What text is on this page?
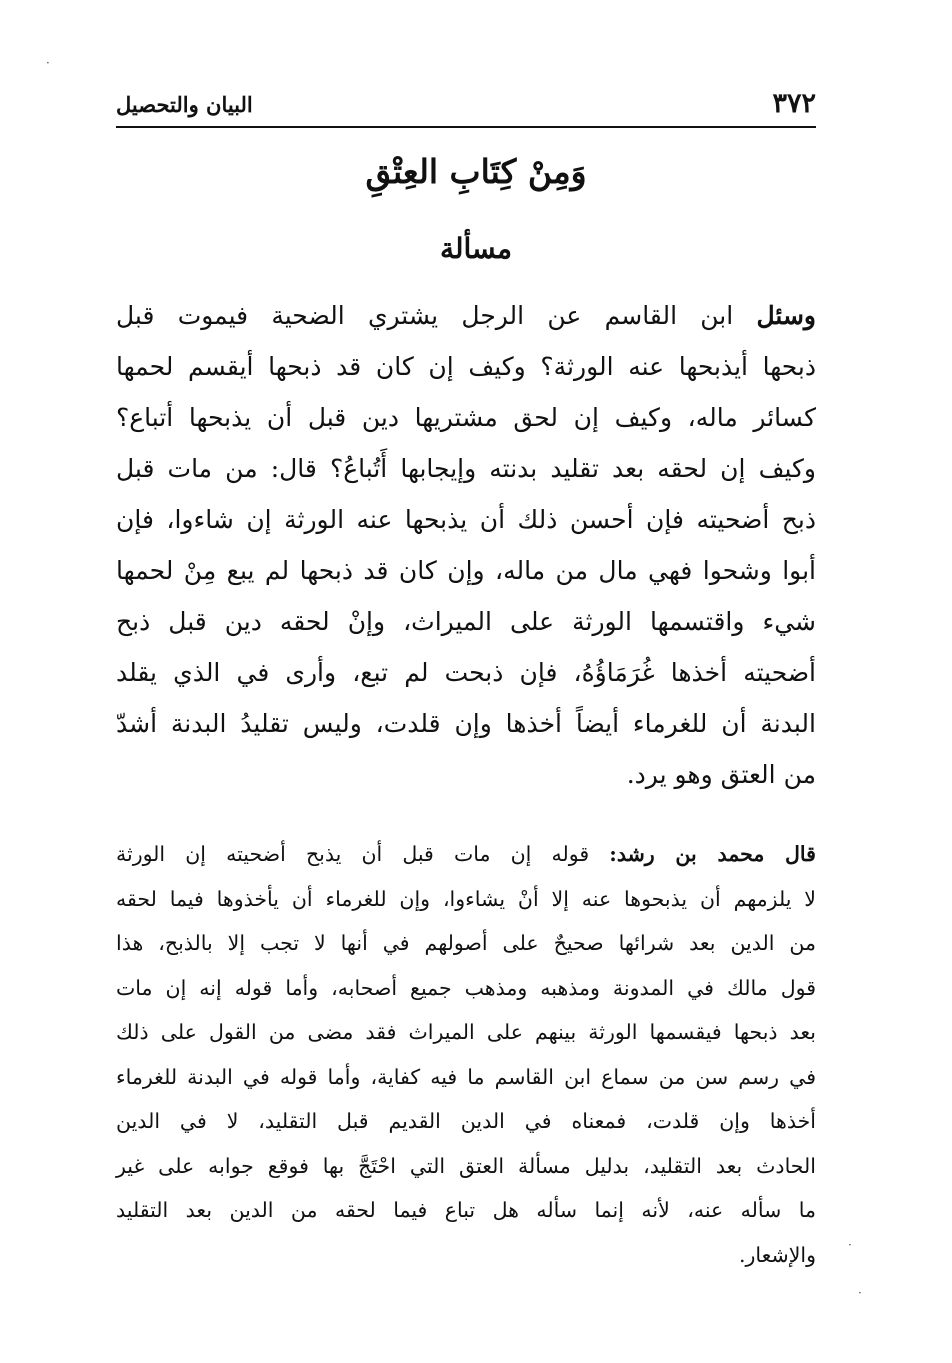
٣٧٢
البيان والتحصيل
وَمِنْ كِتَابِ العِتْقِ
مسألة
وسئل ابن القاسم عن الرجل يشتري الضحية فيموت قبل
ذبحها أيذبحها عنه الورثة؟ وكيف إن كان قد ذبحها أيقسم لحمها
كسائر ماله، وكيف إن لحق مشتريها دين قبل أن يذبحها أتباع؟
وكيف إن لحقه بعد تقليد بدنته وإيجابها أَتُباعُ؟ قال: من مات قبل
ذبح أضحيته فإن أحسن ذلك أن يذبحها عنه الورثة إن شاءوا، فإن
أبوا وشحوا فهي مال من ماله، وإن كان قد ذبحها لم يبع مِنْ لحمها
شيء واقتسمها الورثة على الميراث، وإنْ لحقه دين قبل ذبح
أضحيته أخذها غُرَمَاؤُهُ، فإن ذبحت لم تبع، وأرى في الذي يقلد
البدنة أن للغرماء أيضاً أخذها وإن قلدت، وليس تقليدُ البدنة أشدّ
من العتق وهو يرد.
قال محمد بن رشد: قوله إن مات قبل أن يذبح أضحيته إن الورثة
لا يلزمهم أن يذبحوها عنه إلا أنْ يشاءوا، وإن للغرماء أن يأخذوها فيما لحقه
من الدين بعد شرائها صحيحٌ على أصولهم في أنها لا تجب إلا بالذبح، هذا
قول مالك في المدونة ومذهبه ومذهب جميع أصحابه، وأما قوله إنه إن مات
بعد ذبحها فيقسمها الورثة بينهم على الميراث فقد مضى من القول على ذلك
في رسم سن من سماع ابن القاسم ما فيه كفاية، وأما قوله في البدنة للغرماء
أخذها وإن قلدت، فمعناه في الدين القديم قبل التقليد، لا في الدين
الحادث بعد التقليد، بدليل مسألة العتق التي احْتَجَّ بها فوقع جوابه على غير
ما سأله عنه، لأنه إنما سأله هل تباع فيما لحقه من الدين بعد التقليد
والإشعار.
·
·
·
